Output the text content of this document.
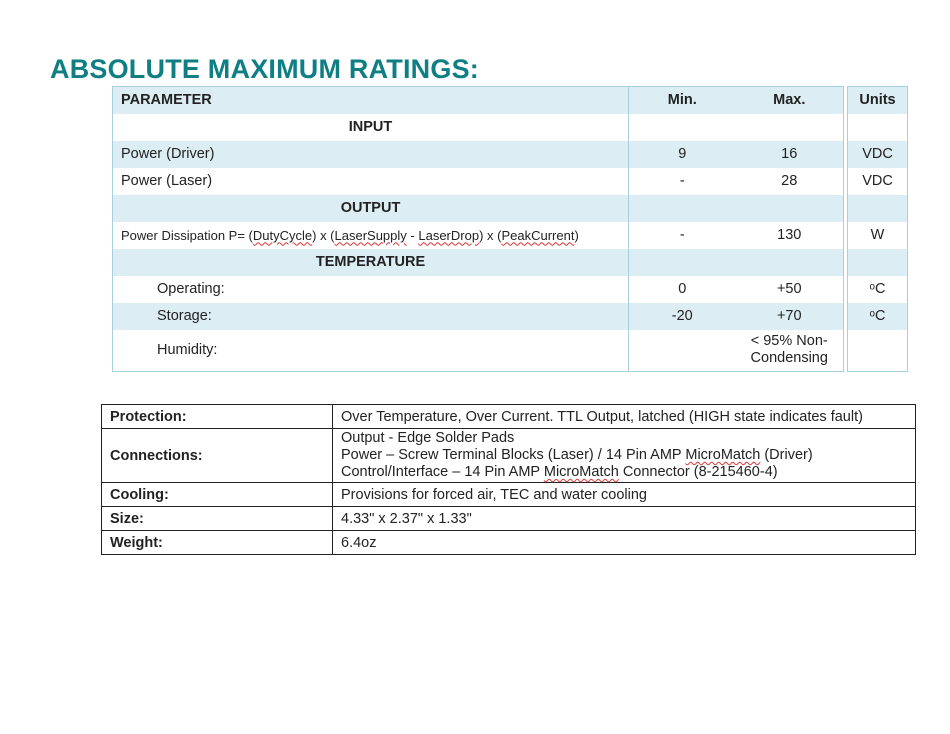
ABSOLUTE MAXIMUM RATINGS:
PARAMETER	Min.	Max.		Units
INPUT				
Power (Driver)	9	16		VDC
Power (Laser)	-	28		VDC
OUTPUT				
Power Dissipation P= (DutyCycle) x (LaserSupply - LaserDrop) x (PeakCurrent)	-	130		W
TEMPERATURE				
Operating:	0	+50		ᵒC
Storage:	-20	+70		ᵒC
Humidity:		< 95% Non-
Condensing		
Protection:	Over Temperature, Over Current. TTL Output, latched (HIGH state indicates fault)
Connections:	Output - Edge Solder Pads
Power – Screw Terminal Blocks (Laser) / 14 Pin AMP MicroMatch (Driver)
Control/Interface – 14 Pin AMP MicroMatch Connector (8-215460-4)
Cooling:	Provisions for forced air, TEC and water cooling
Size:	4.33" x 2.37" x 1.33"
Weight:	6.4oz
